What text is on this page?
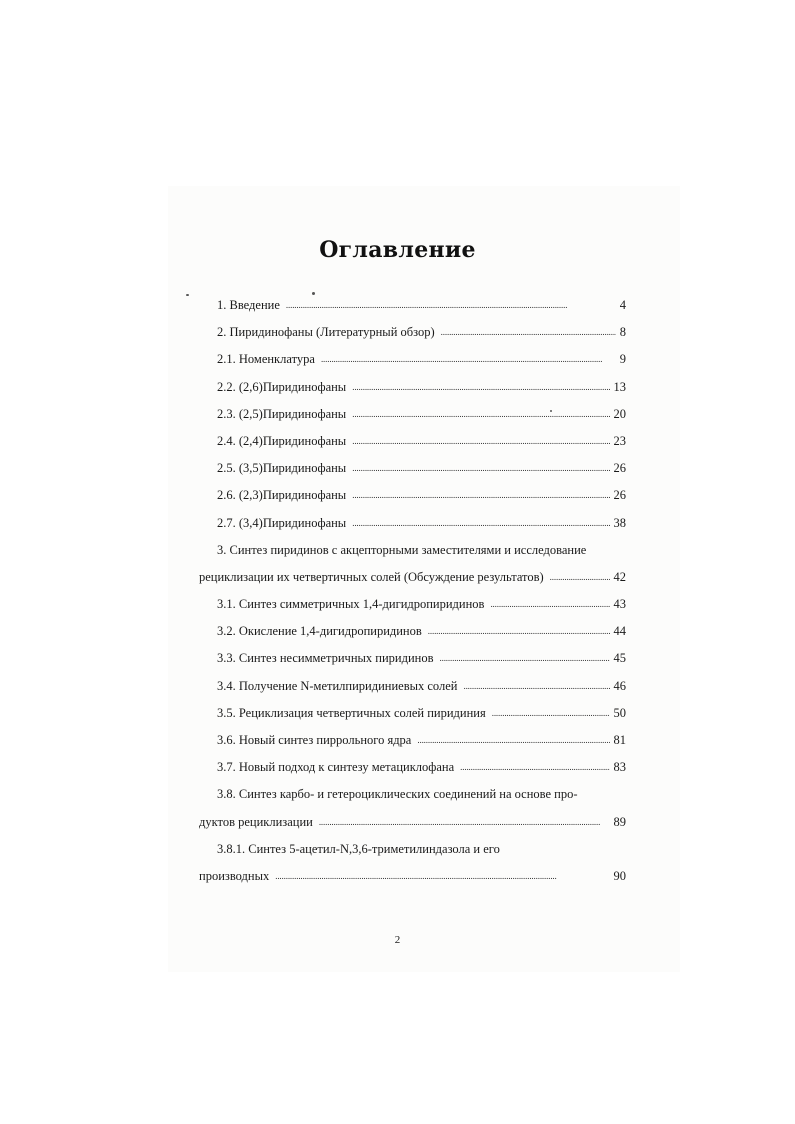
Оглавление
1. Введение . . .	4
2. Пиридинофаны (Литературный обзор) . . .	8
2.1. Номенклатура . . .	9
2.2. (2,6)Пиридинофаны . . .	13
2.3. (2,5)Пиридинофаны . . .	20
2.4. (2,4)Пиридинофаны . . .	23
2.5. (3,5)Пиридинофаны . . .	26
2.6. (2,3)Пиридинофаны . . .	26
2.7. (3,4)Пиридинофаны . . .	38
3. Синтез пиридинов с акцепторными заместителями и исследование
рециклизации их четвертичных солей (Обсуждение результатов) . . .	42
3.1. Синтез симметричных 1,4-дигидропиридинов . . .	43
3.2. Окисление 1,4-дигидропиридинов . . .	44
3.3. Синтез несимметричных пиридинов . . .	45
3.4. Получение N-метилпиридиниевых солей . . .	46
3.5. Рециклизация четвертичных солей пиридиния . . .	50
3.6. Новый синтез пиррольного ядра . . .	81
3.7. Новый подход к синтезу метациклофана . . .	83
3.8. Синтез карбо- и гетероциклических соединений на основе про-
дуктов рециклизации . . .	89
3.8.1. Синтез 5-ацетил-N,3,6-триметилиндазола и его
производных . . .	90
2
